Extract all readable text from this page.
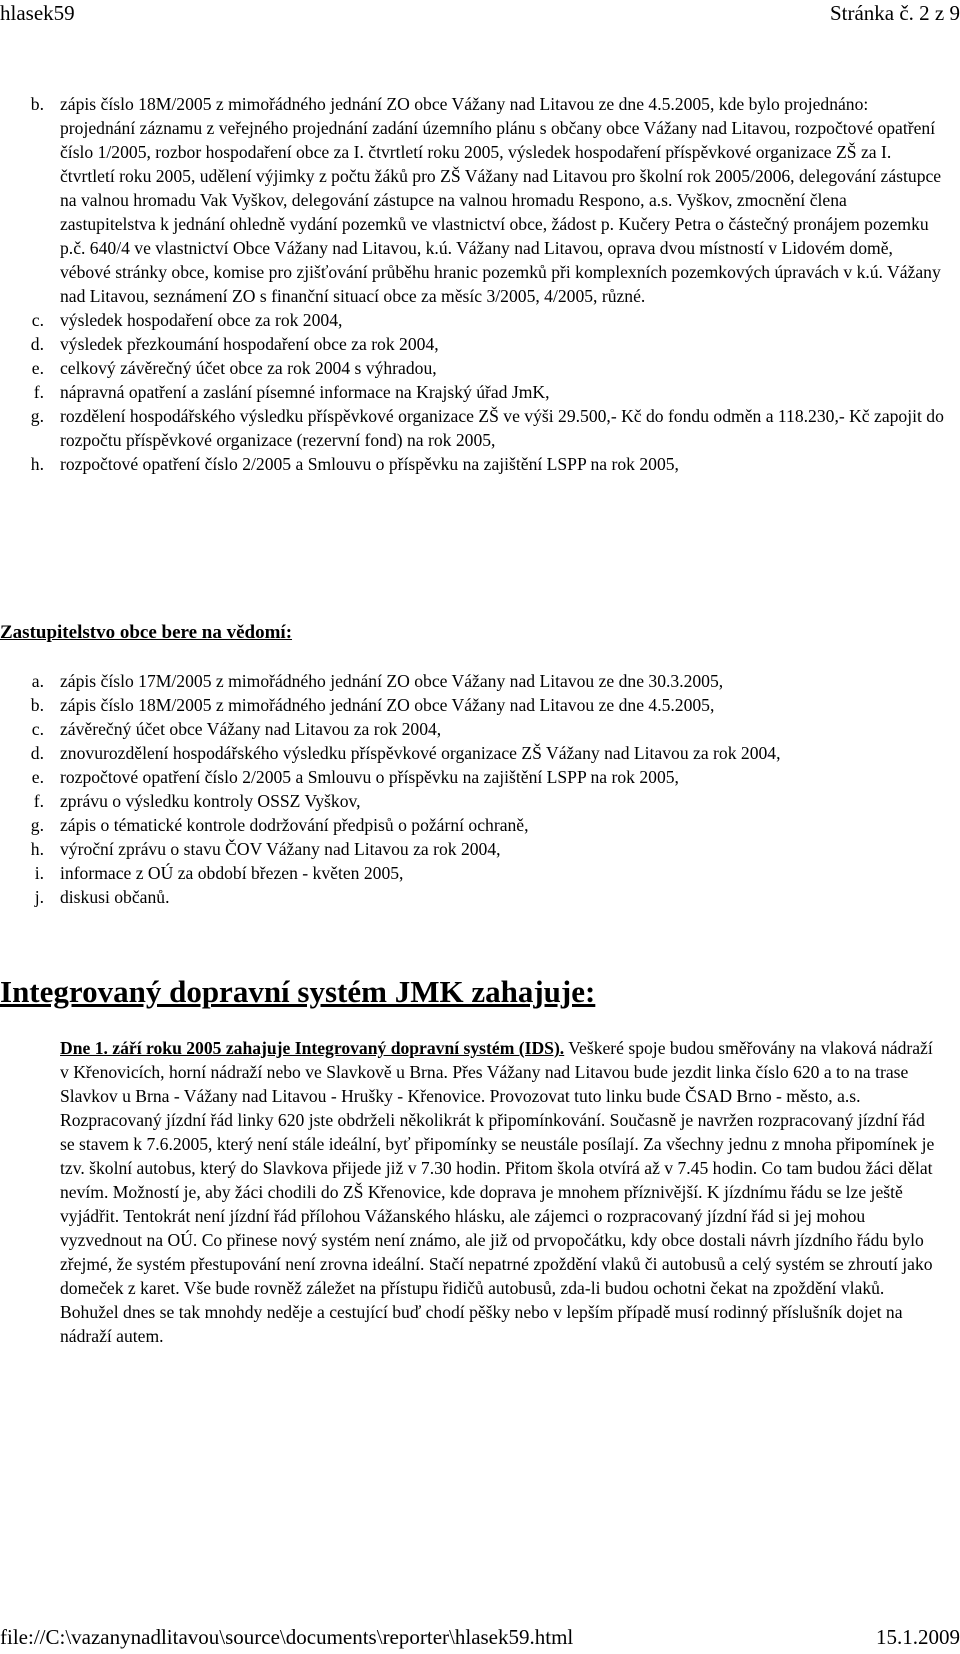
hlasek59	Stránka č. 2 z 9
b. zápis číslo 18M/2005 z mimořádného jednání ZO obce Vážany nad Litavou ze dne 4.5.2005, kde bylo projednáno: projednání záznamu z veřejného projednání zadání územního plánu s občany obce Vážany nad Litavou, rozpočtové opatření číslo 1/2005, rozbor hospodaření obce za I. čtvrtletí roku 2005, výsledek hospodaření příspěvkové organizace ZŠ za I. čtvrtletí roku 2005, udělení výjimky z počtu žáků pro ZŠ Vážany nad Litavou pro školní rok 2005/2006, delegování zástupce na valnou hromadu Vak Vyškov, delegování zástupce na valnou hromadu Respono, a.s. Vyškov, zmocnění člena zastupitelstva k jednání ohledně vydání pozemků ve vlastnictví obce, žádost p. Kučery Petra o částečný pronájem pozemku p.č. 640/4 ve vlastnictví Obce Vážany nad Litavou, k.ú. Vážany nad Litavou, oprava dvou místností v Lidovém domě, vébové stránky obce, komise pro zjišťování průběhu hranic pozemků při komplexních pozemkových úpravách v k.ú. Vážany nad Litavou, seznámení ZO s finanční situací obce za měsíc 3/2005, 4/2005, různé.
c. výsledek hospodaření obce za rok 2004,
d. výsledek přezkoumání hospodaření obce za rok 2004,
e. celkový závěrečný účet obce za rok 2004 s výhradou,
f. nápravná opatření a zaslání písemné informace na Krajský úřad JmK,
g. rozdělení hospodářského výsledku příspěvkové organizace ZŠ ve výši 29.500,- Kč do fondu odměn a 118.230,- Kč zapojit do rozpočtu příspěvkové organizace (rezervní fond) na rok 2005,
h. rozpočtové opatření číslo 2/2005 a Smlouvu o příspěvku na zajištění LSPP na rok 2005,
Zastupitelstvo obce bere na vědomí:
a. zápis číslo 17M/2005 z mimořádného jednání ZO obce Vážany nad Litavou ze dne 30.3.2005,
b. zápis číslo 18M/2005 z mimořádného jednání ZO obce Vážany nad Litavou ze dne 4.5.2005,
c. závěrečný účet obce Vážany nad Litavou za rok 2004,
d. znovurozdělení hospodářského výsledku příspěvkové organizace ZŠ Vážany nad Litavou za rok 2004,
e. rozpočtové opatření číslo 2/2005 a Smlouvu o příspěvku na zajištění LSPP na rok 2005,
f. zprávu o výsledku kontroly OSSZ Vyškov,
g. zápis o tématické kontrole dodržování předpisů o požární ochraně,
h. výroční zprávu o stavu ČOV Vážany nad Litavou za rok 2004,
i. informace z OÚ za období březen - květen 2005,
j. diskusi občanů.
Integrovaný dopravní systém JMK zahajuje:

Dne 1. září roku 2005 zahajuje Integrovaný dopravní systém (IDS). Veškeré spoje budou směřovány na vlaková nádraží v Křenovicích, horní nádraží nebo ve Slavkově u Brna. Přes Vážany nad Litavou bude jezdit linka číslo 620 a to na trase Slavkov u Brna - Vážany nad Litavou - Hrušky - Křenovice. Provozovat tuto linku bude ČSAD Brno - město, a.s. Rozpracovaný jízdní řád linky 620 jste obdrželi několikrát k připomínkování. Současně je navržen rozpracovaný jízdní řád se stavem k 7.6.2005, který není stále ideální, byť připomínky se neustále posílají. Za všechny jednu z mnoha připomínek je tzv. školní autobus, který do Slavkova přijede již v 7.30 hodin. Přitom škola otvírá až v 7.45 hodin. Co tam budou žáci dělat nevím. Možností je, aby žáci chodili do ZŠ Křenovice, kde doprava je mnohem příznivější. K jízdnímu řádu se lze ještě vyjádřit. Tentokrát není jízdní řád přílohou Vážanského hlásku, ale zájemci o rozpracovaný jízdní řád si jej mohou vyzvednout na OÚ. Co přinese nový systém není známo, ale již od prvopočátku, kdy obce dostali návrh jízdního řádu bylo zřejmé, že systém přestupování není zrovna ideální. Stačí nepatrné zpoždění vlaků či autobusů a celý systém se zhroutí jako domeček z karet. Vše bude rovněž záležet na přístupu řidičů autobusů, zda-li budou ochotni čekat na zpoždění vlaků. Bohužel dnes se tak mnohdy neděje a cestující buď chodí pěšky nebo v lepším případě musí rodinný příslušník dojet na nádraží autem.

file://C:\vazanynadlitavou\source\documents\reporter\hlasek59.html	15.1.2009
